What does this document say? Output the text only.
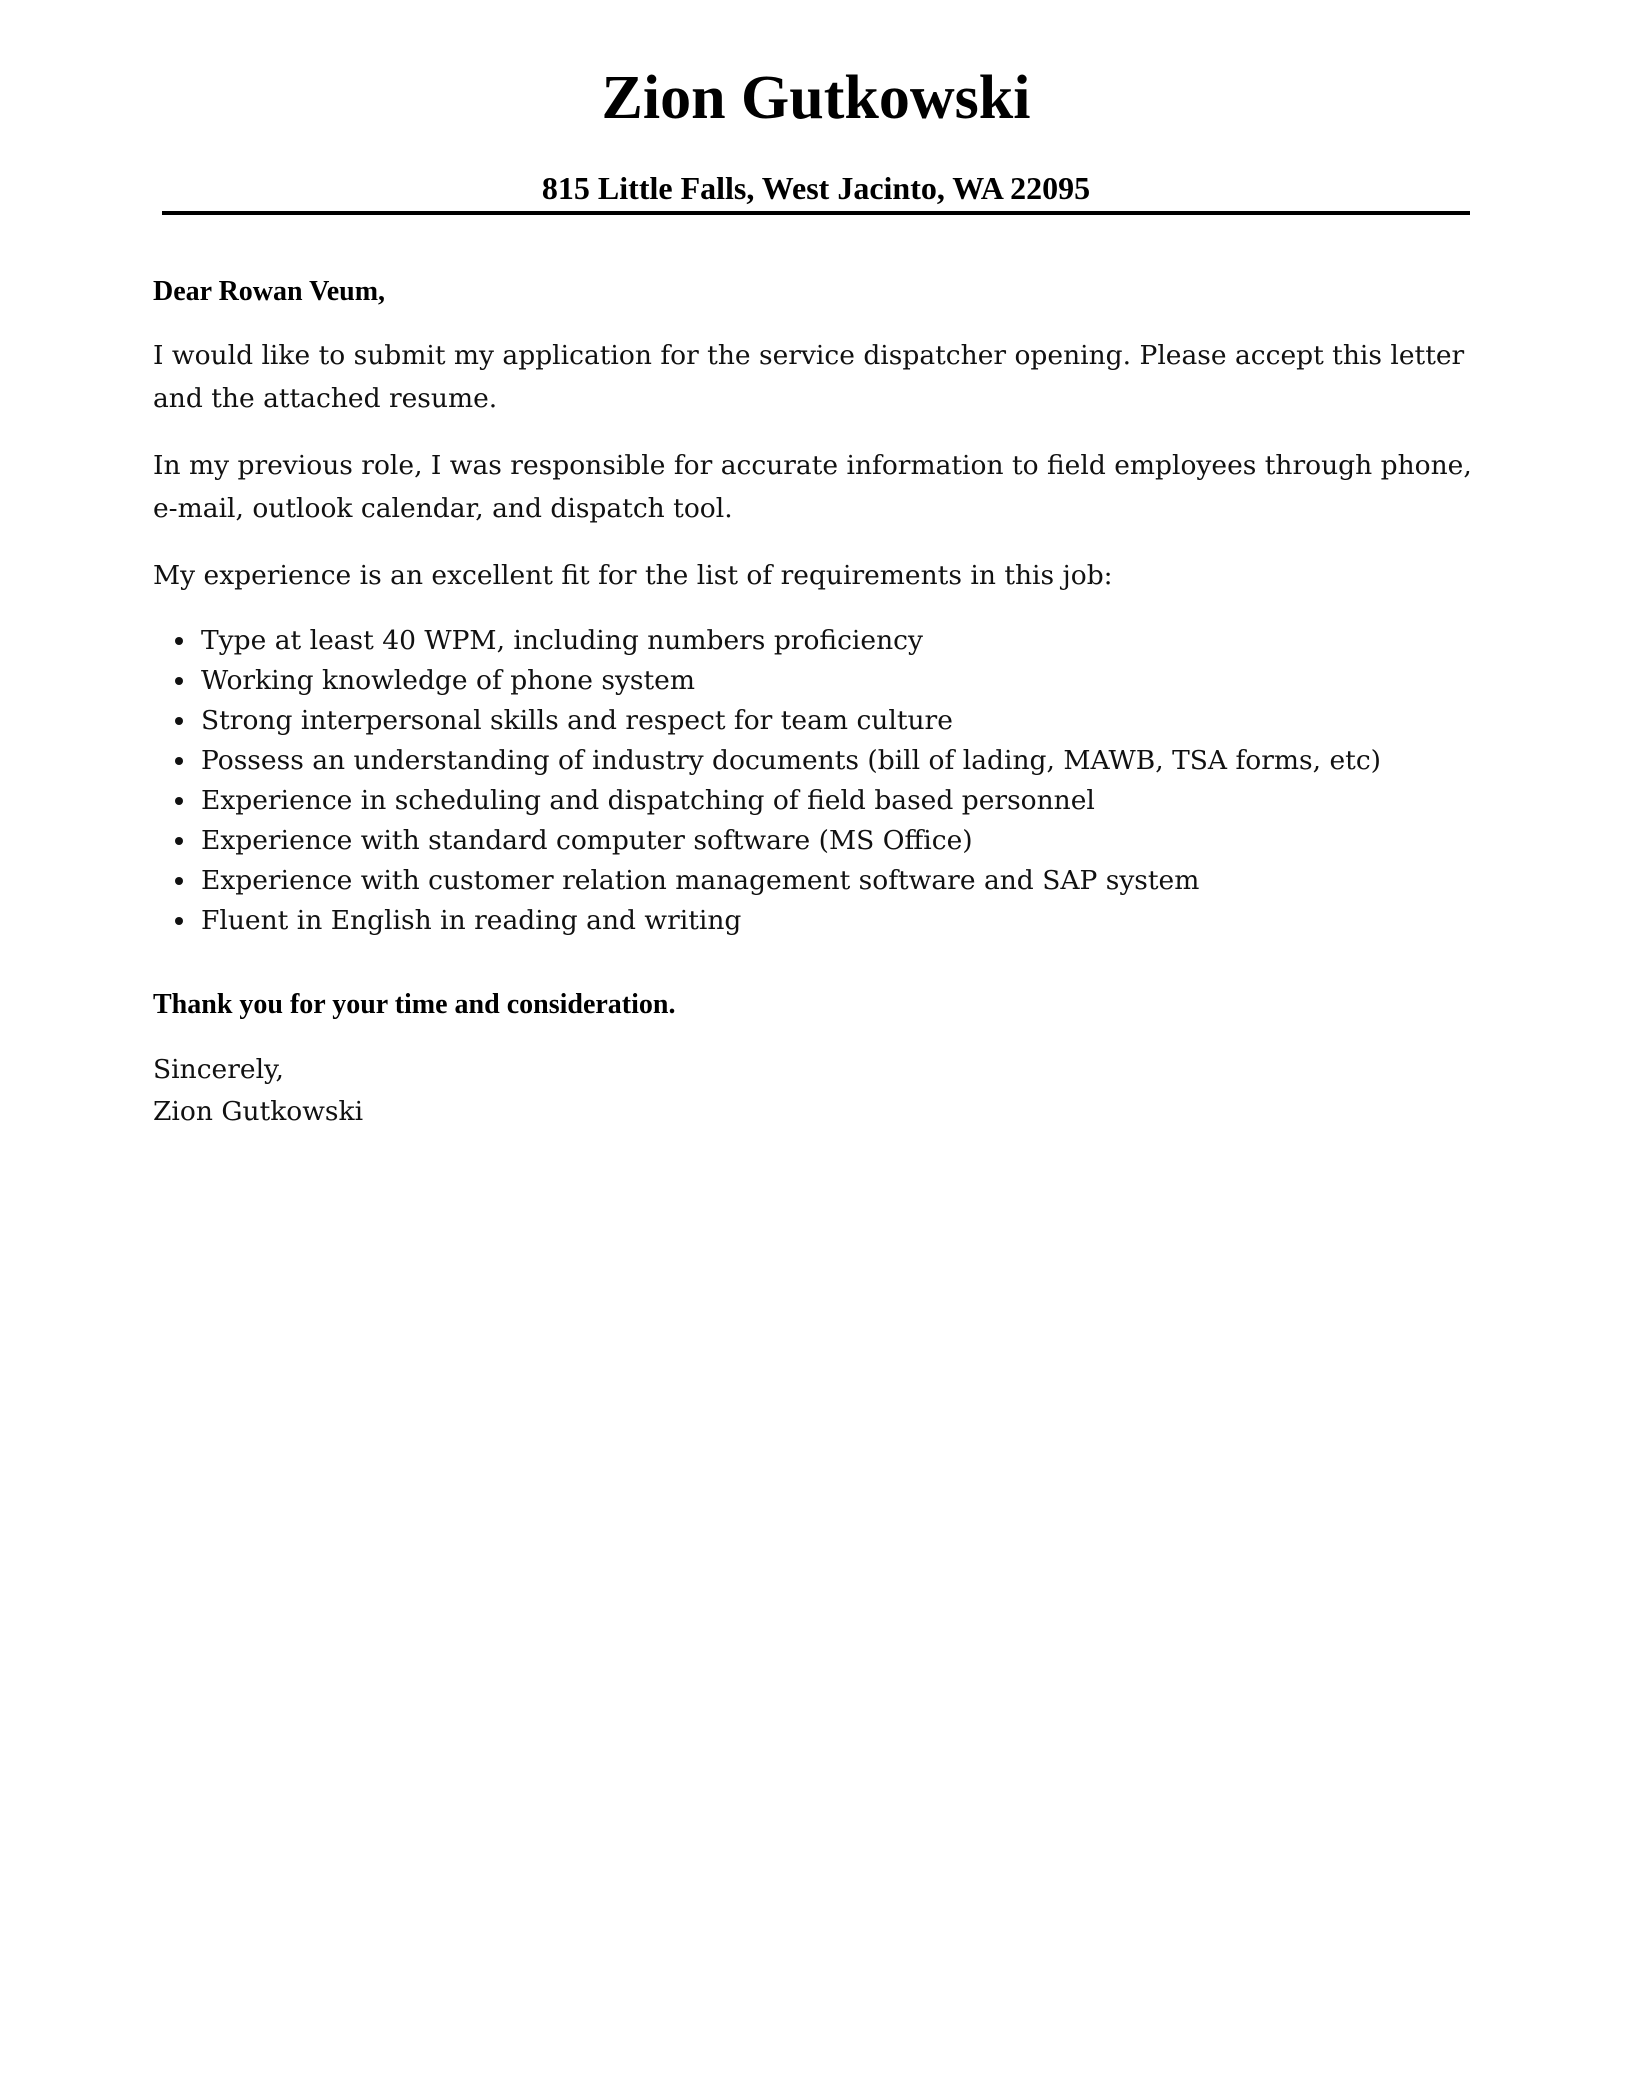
Zion Gutkowski
815 Little Falls, West Jacinto, WA 22095

Dear Rowan Veum,

I would like to submit my application for the service dispatcher opening. Please accept this letter and the attached resume.

In my previous role, I was responsible for accurate information to field employees through phone, e-mail, outlook calendar, and dispatch tool.

My experience is an excellent fit for the list of requirements in this job:

Type at least 40 WPM, including numbers proficiency
Working knowledge of phone system
Strong interpersonal skills and respect for team culture
Possess an understanding of industry documents (bill of lading, MAWB, TSA forms, etc)
Experience in scheduling and dispatching of field based personnel
Experience with standard computer software (MS Office)
Experience with customer relation management software and SAP system
Fluent in English in reading and writing

Thank you for your time and consideration.

Sincerely,

Zion Gutkowski
